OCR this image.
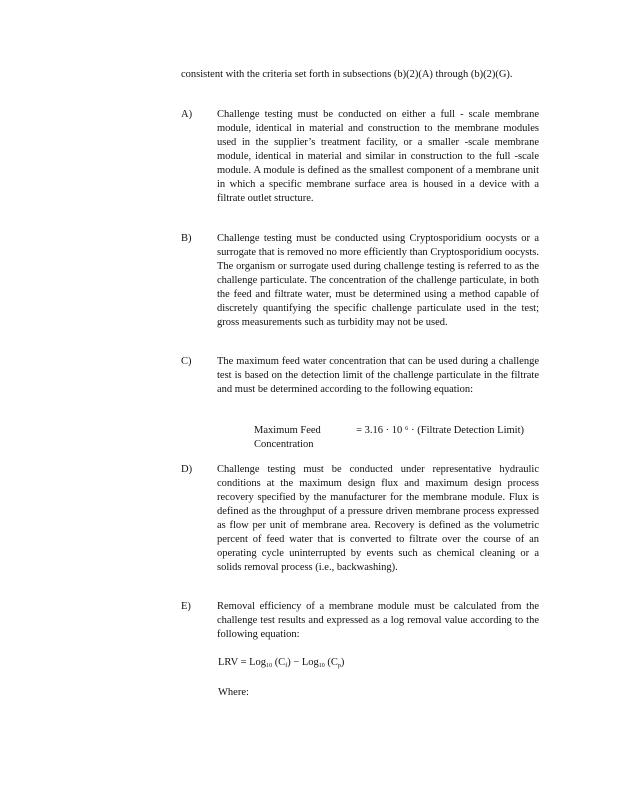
consistent with the criteria set forth in subsections (b)(2)(A) through (b)(2)(G).
A) Challenge testing must be conducted on either a full - scale membrane module, identical in material and construction to the membrane modules used in the supplier’s treatment facility, or a smaller -scale membrane module, identical in material and similar in construction to the full -scale module. A module is defined as the smallest component of a membrane unit in which a specific membrane surface area is housed in a device with a filtrate outlet structure.
B) Challenge testing must be conducted using Cryptosporidium oocysts or a surrogate that is removed no more efficiently than Cryptosporidium oocysts. The organism or surrogate used during challenge testing is referred to as the challenge particulate. The concentration of the challenge particulate, in both the feed and filtrate water, must be determined using a method capable of discretely quantifying the specific challenge particulate used in the test; gross measurements such as turbidity may not be used.
C) The maximum feed water concentration that can be used during a challenge test is based on the detection limit of the challenge particulate in the filtrate and must be determined according to the following equation:
Maximum Feed	= 3.16 · 10 ⁶ · (Filtrate Detection Limit)
Concentration
D) Challenge testing must be conducted under representative hydraulic conditions at the maximum design flux and maximum design process recovery specified by the manufacturer for the membrane module. Flux is defined as the throughput of a pressure driven membrane process expressed as flow per unit of membrane area. Recovery is defined as the volumetric percent of feed water that is converted to filtrate over the course of an operating cycle uninterrupted by events such as chemical cleaning or a solids removal process (i.e., backwashing).
E) Removal efficiency of a membrane module must be calculated from the challenge test results and expressed as a log removal value according to the following equation:
LRV = Log$_{10}$ $(C_f) - Log_{10}$ $(C_p)$
Where:
